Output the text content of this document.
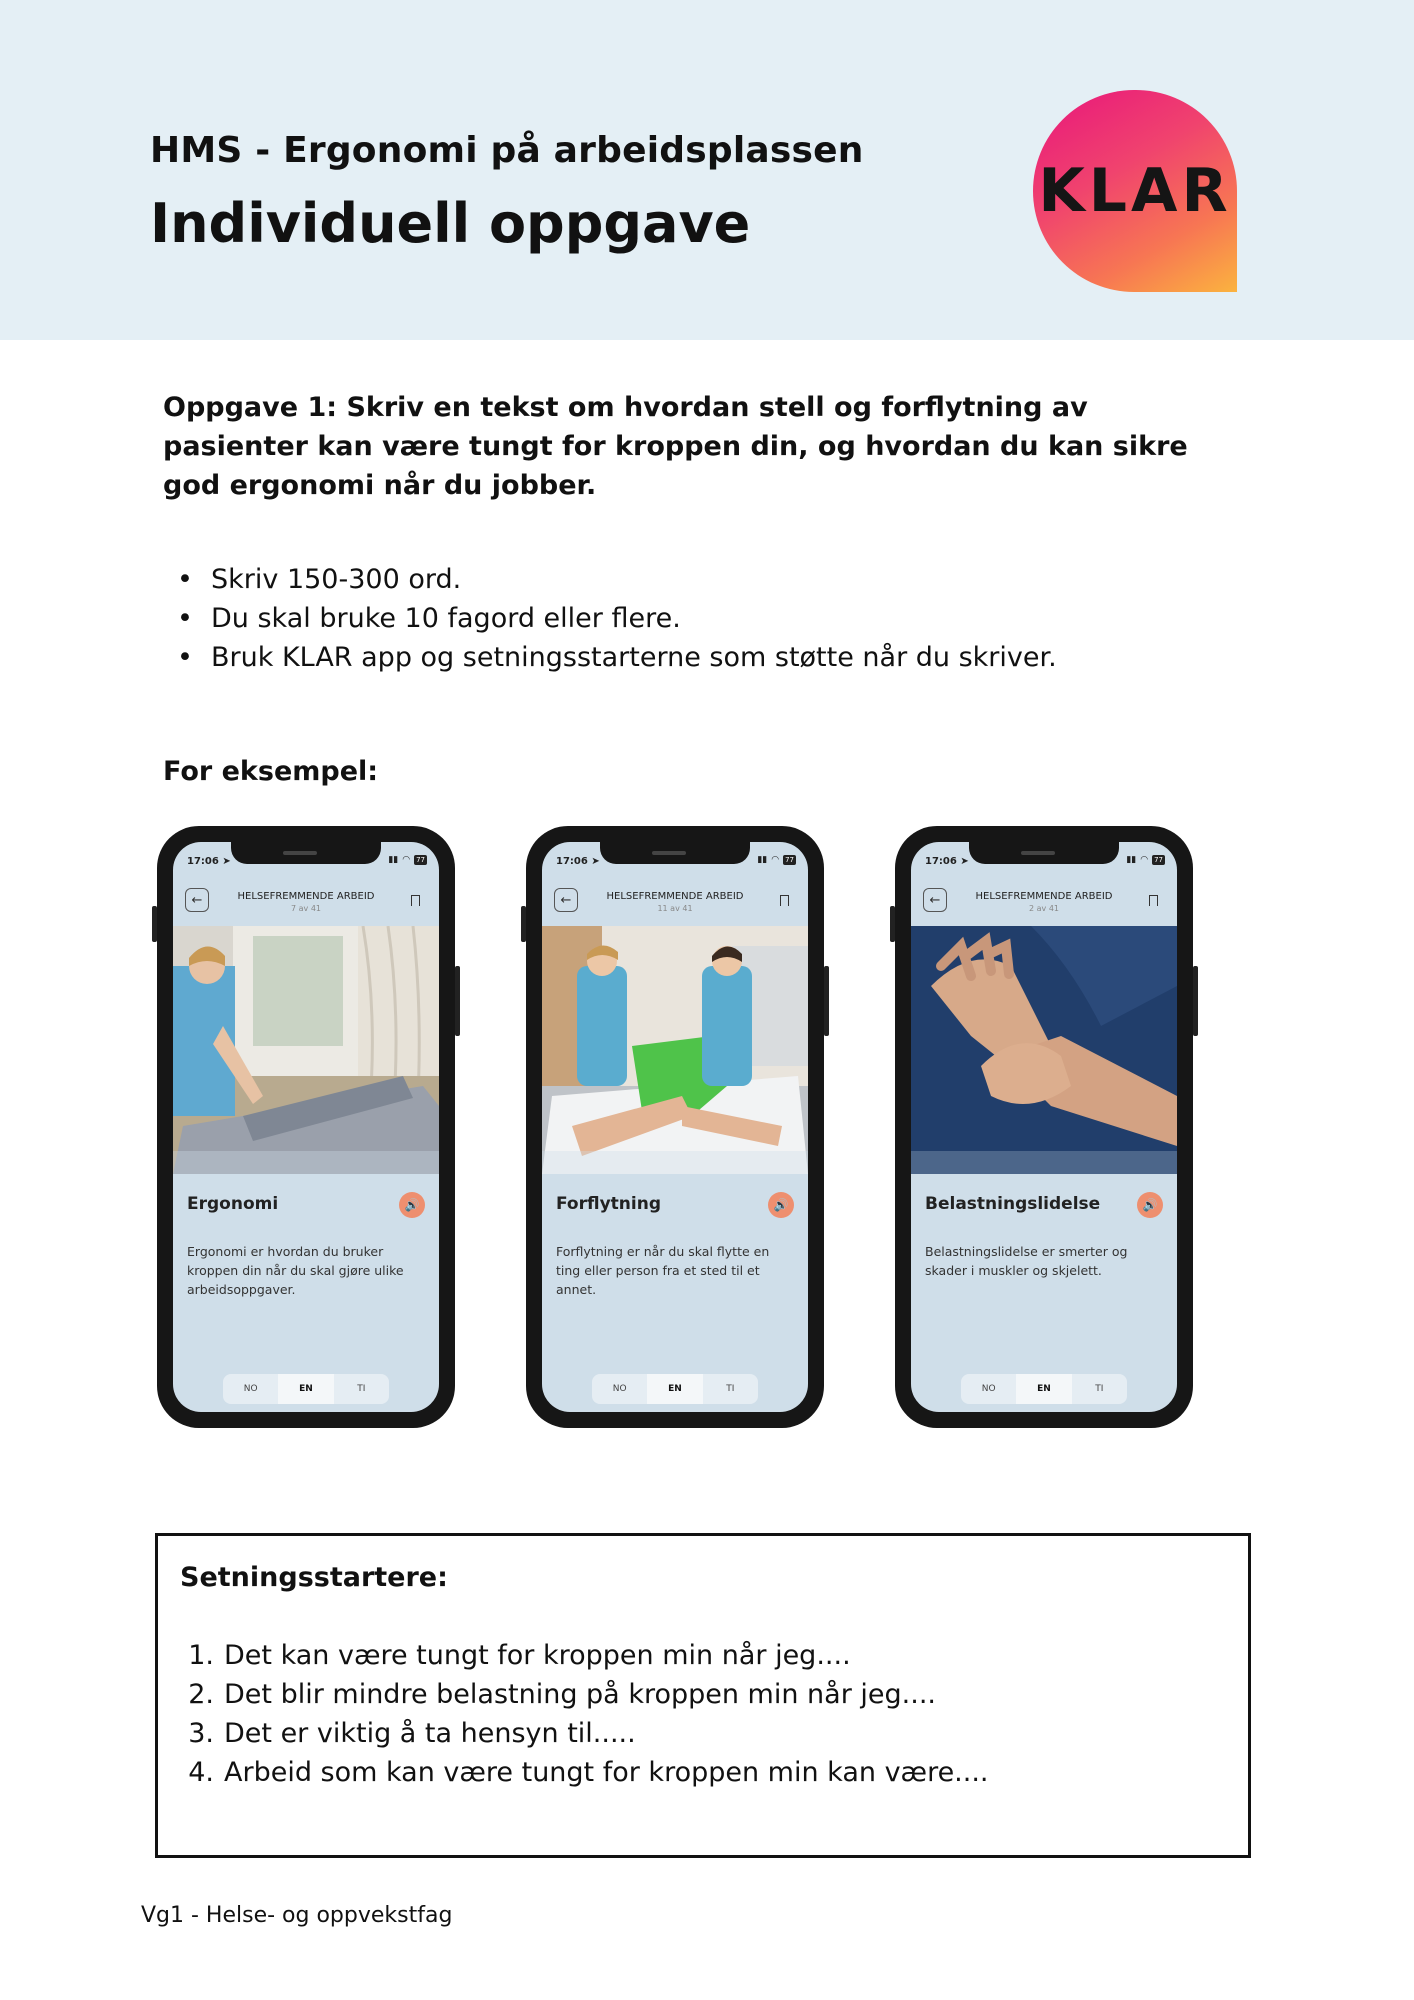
HMS - Ergonomi på arbeidsplassen
Individuell oppgave	KLAR
Oppgave 1: Skriv en tekst om hvordan stell og forflytning av pasienter kan være tungt for kroppen din, og hvordan du kan sikre god ergonomi når du jobber.
• Skriv 150-300 ord.
• Du skal bruke 10 fagord eller flere.
• Bruk KLAR app og setningsstarterne som støtte når du skriver.
For eksempel:
17:06 ➤	▮▮ ◠ 77
←	HELSEFREMMENDE ARBEID
7 av 41
Ergonomi	🔊
Ergonomi er hvordan du bruker kroppen din når du skal gjøre ulike arbeidsoppgaver.
NO	EN	TI
17:06 ➤	▮▮ ◠ 77
←	HELSEFREMMENDE ARBEID
11 av 41
Forflytning	🔊
Forflytning er når du skal flytte en ting eller person fra et sted til et annet.
NO	EN	TI
17:06 ➤	▮▮ ◠ 77
←	HELSEFREMMENDE ARBEID
2 av 41
Belastningslidelse	🔊
Belastningslidelse er smerter og skader i muskler og skjelett.
NO	EN	TI
Setningsstartere:
1. Det kan være tungt for kroppen min når jeg....
2. Det blir mindre belastning på kroppen min når jeg....
3. Det er viktig å ta hensyn til.....
4. Arbeid som kan være tungt for kroppen min kan være....
Vg1 - Helse- og oppvekstfag
